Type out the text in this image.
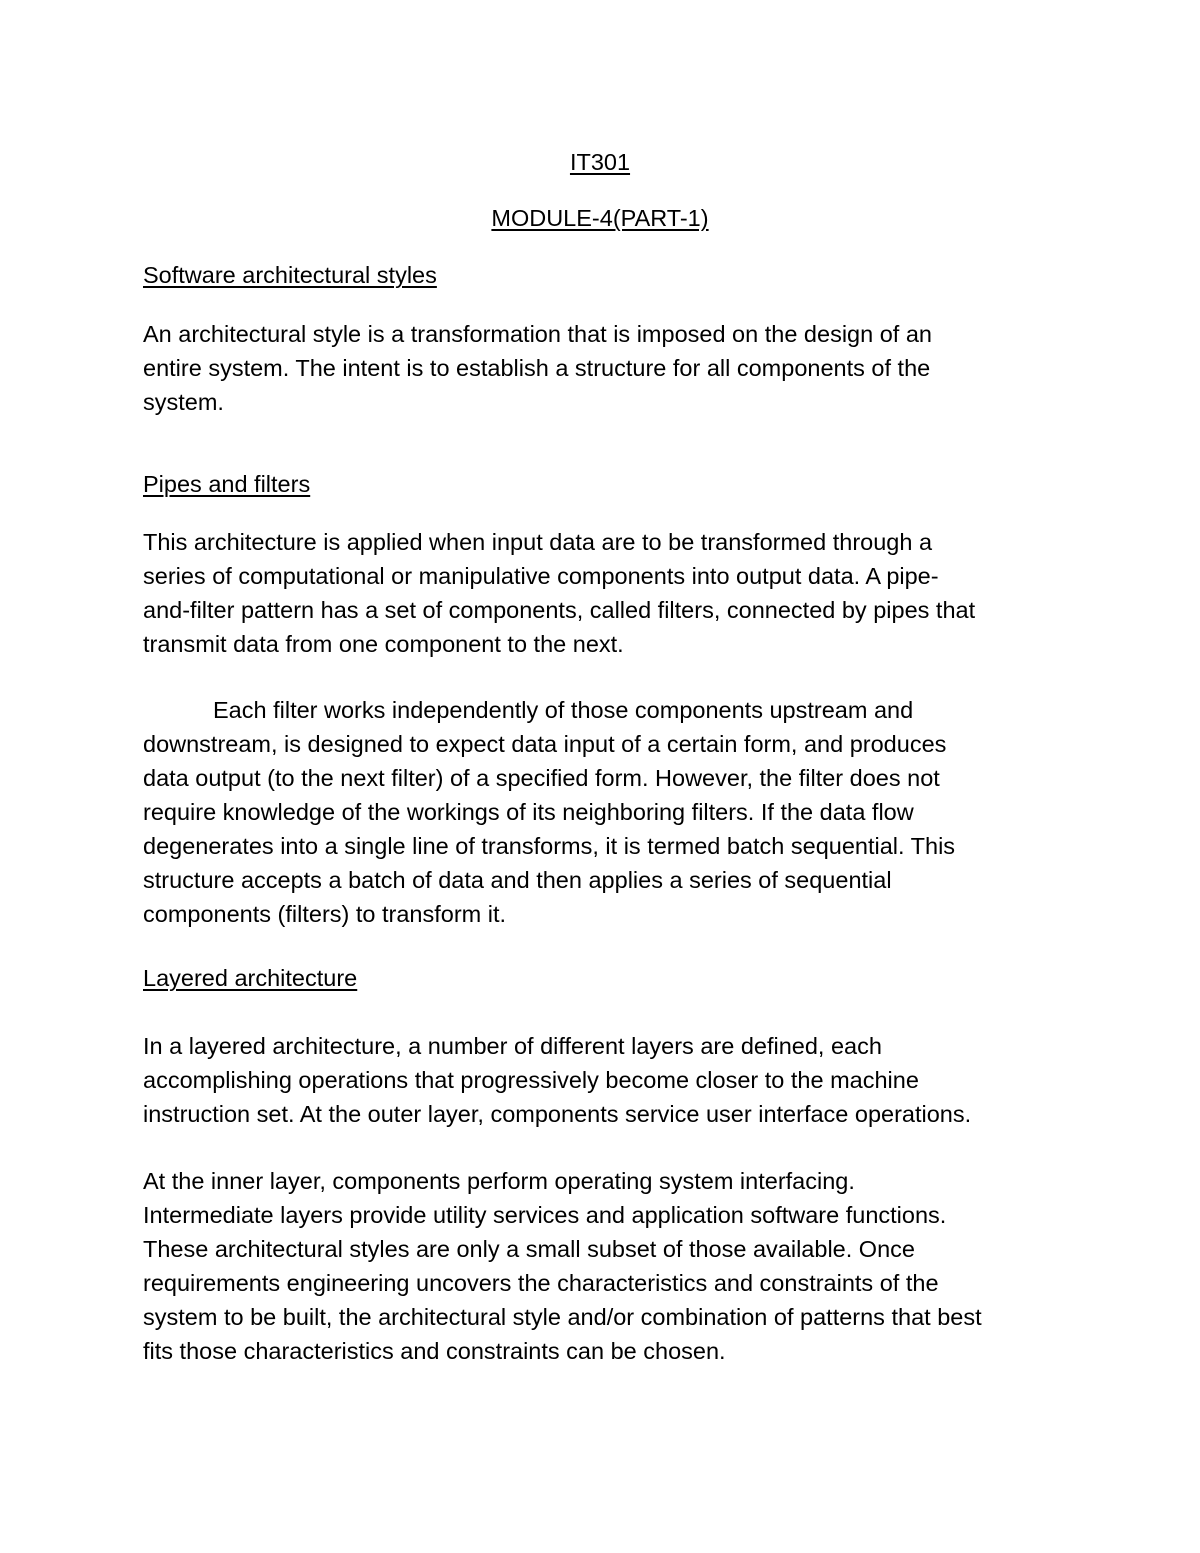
IT301

MODULE-4(PART-1)

Software architectural styles

An architectural style is a transformation that is imposed on the design of an

entire system. The intent is to establish a structure for all components of the

system.

Pipes and filters

This architecture is applied when input data are to be transformed through a

series of computational or manipulative components into output data. A pipe-

and-filter pattern has a set of components, called filters, connected by pipes that

transmit data from one component to the next.

Each filter works independently of those components upstream and

downstream, is designed to expect data input of a certain form, and produces

data output (to the next filter) of a specified form. However, the filter does not

require knowledge of the workings of its neighboring filters. If the data flow

degenerates into a single line of transforms, it is termed batch sequential. This

structure accepts a batch of data and then applies a series of sequential

components (filters) to transform it.

Layered architecture

In a layered architecture, a number of different layers are defined, each

accomplishing operations that progressively become closer to the machine

instruction set. At the outer layer, components service user interface operations.

At the inner layer, components perform operating system interfacing.

Intermediate layers provide utility services and application software functions.

These architectural styles are only a small subset of those available. Once

requirements engineering uncovers the characteristics and constraints of the

system to be built, the architectural style and/or combination of patterns that best

fits those characteristics and constraints can be chosen.
